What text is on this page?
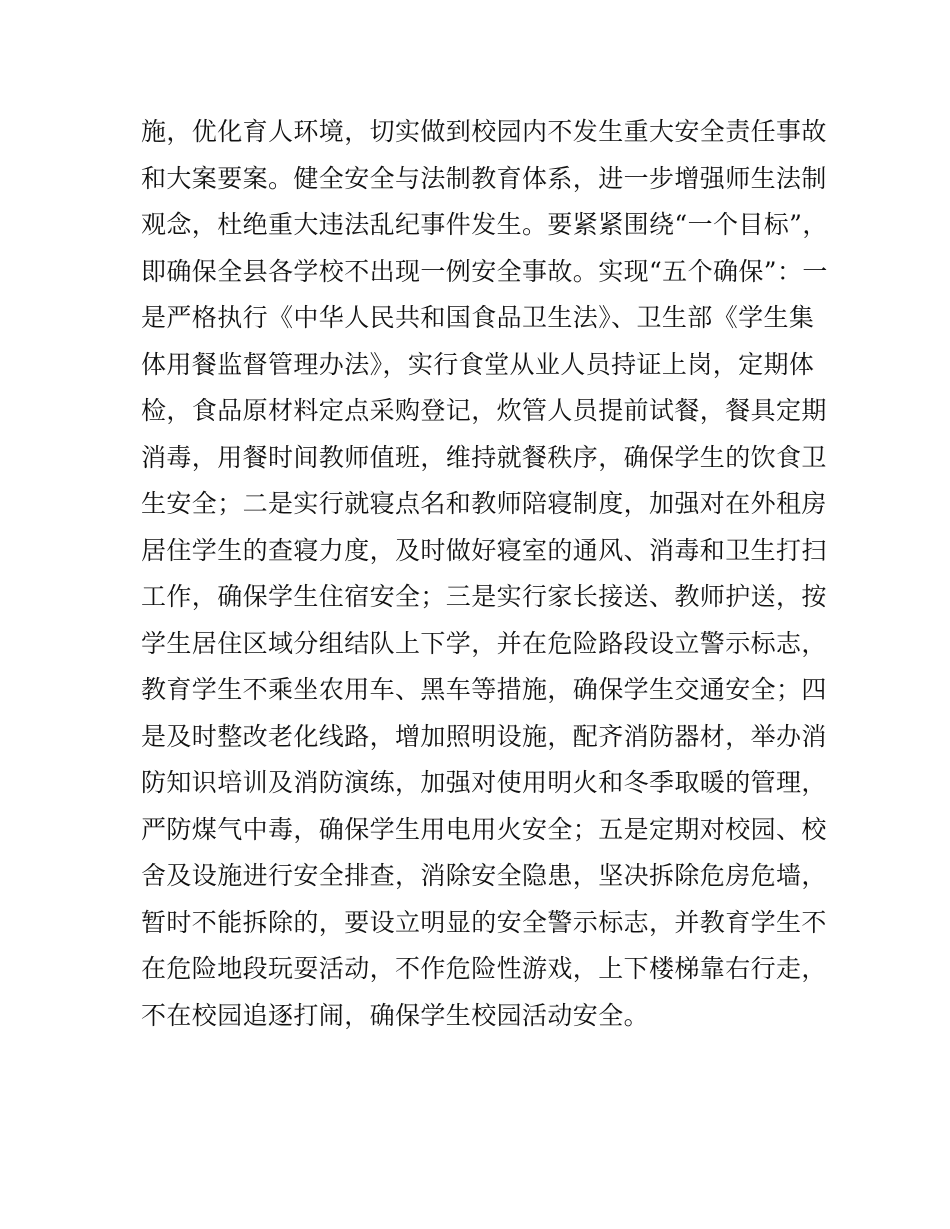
施，优化育人环境，切实做到校园内不发生重大安全责任事故
和大案要案。健全安全与法制教育体系，进一步增强师生法制
观念，杜绝重大违法乱纪事件发生。要紧紧围绕“一个目标”，
即确保全县各学校不出现一例安全事故。实现“五个确保”：一
是严格执行《中华人民共和国食品卫生法》、卫生部《学生集
体用餐监督管理办法》，实行食堂从业人员持证上岗，定期体
检，食品原材料定点采购登记，炊管人员提前试餐，餐具定期
消毒，用餐时间教师值班，维持就餐秩序，确保学生的饮食卫
生安全；二是实行就寝点名和教师陪寝制度，加强对在外租房
居住学生的查寝力度，及时做好寝室的通风、消毒和卫生打扫
工作，确保学生住宿安全；三是实行家长接送、教师护送，按
学生居住区域分组结队上下学，并在危险路段设立警示标志，
教育学生不乘坐农用车、黑车等措施，确保学生交通安全；四
是及时整改老化线路，增加照明设施，配齐消防器材，举办消
防知识培训及消防演练，加强对使用明火和冬季取暖的管理，
严防煤气中毒，确保学生用电用火安全；五是定期对校园、校
舍及设施进行安全排查，消除安全隐患，坚决拆除危房危墙，
暂时不能拆除的，要设立明显的安全警示标志，并教育学生不
在危险地段玩耍活动，不作危险性游戏，上下楼梯靠右行走，
不在校园追逐打闹，确保学生校园活动安全。
